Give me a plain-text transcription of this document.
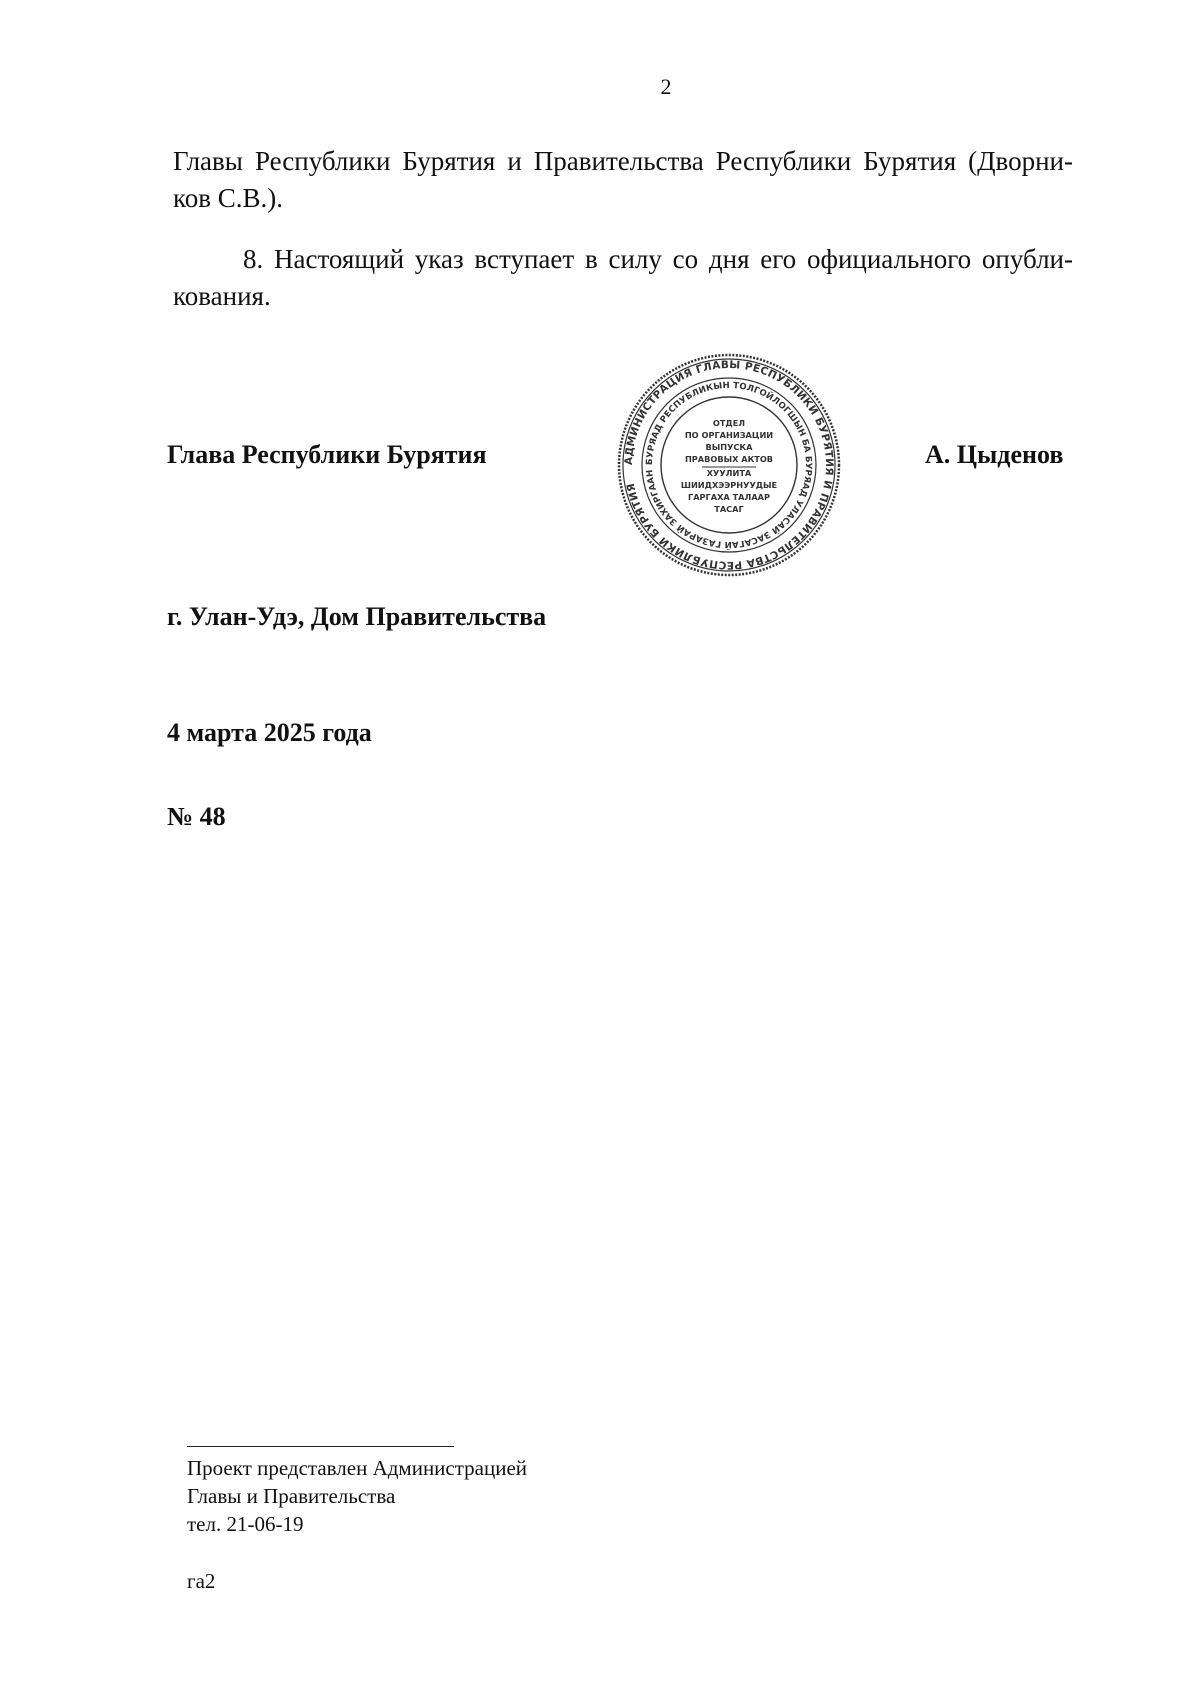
2
Главы Республики Бурятия и Правительства Республики Бурятия (Дворни-
ков С.В.).
8. Настоящий указ вступает в силу со дня его официального опубли-
кования.
Глава Республики Бурятия	А. Цыденов
АДМИНИСТРАЦИЯ ГЛАВЫ РЕСПУБЛИКИ БУРЯТИЯ И ПРАВИТЕЛЬСТВА РЕСПУБЛИКИ БУРЯТИЯ
БУРЯАД РЕСПУБЛИКЫН ТОЛГОЙЛОГШЫН БА БУРЯАД УЛАСАЙ ЗАСАГАЙ ГАЗАРАЙ ЗАХИРГААН
ОТДЕЛ
ПО ОРГАНИЗАЦИИ
ВЫПУСКА
ПРАВОВЫХ АКТОВ
ХУУЛИТА
ШИИДХЭЭРНУУДЫЕ
ГАРГАХА ТАЛААР
ТАСАГ
г. Улан-Удэ, Дом Правительства
4 марта 2025 года
№ 48
Проект представлен Администрацией
Главы и Правительства
тел. 21-06-19
га2
